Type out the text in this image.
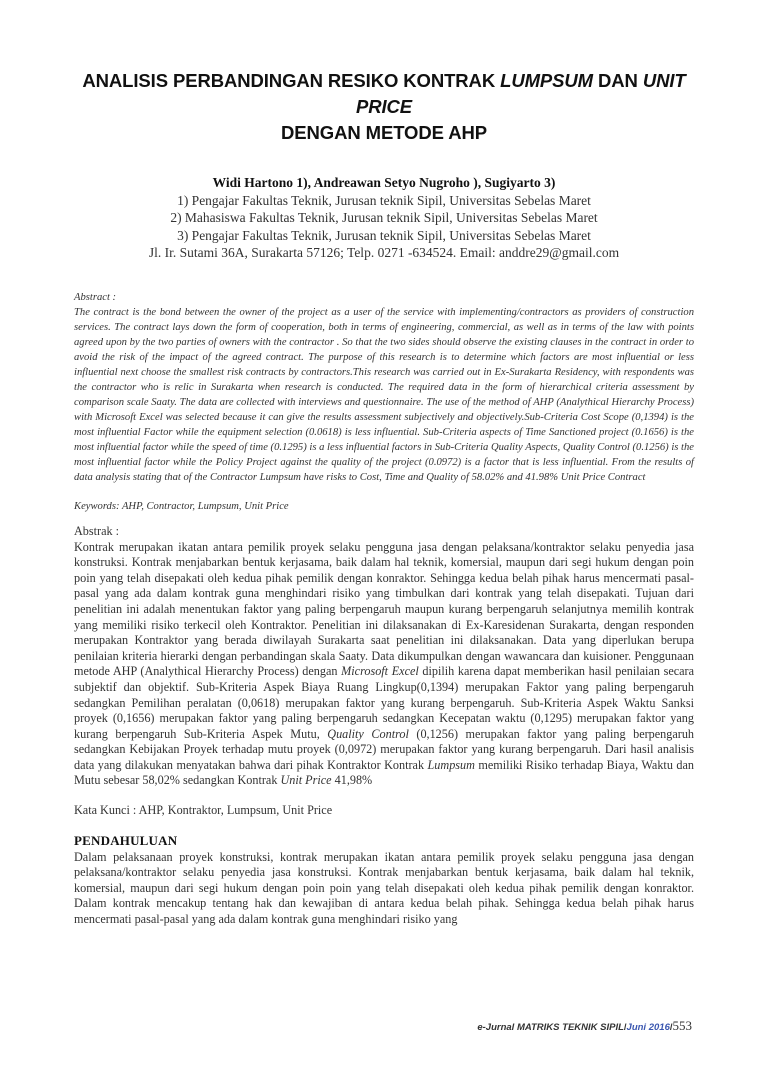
ANALISIS PERBANDINGAN RESIKO KONTRAK LUMPSUM DAN UNIT PRICE
DENGAN METODE AHP
Widi Hartono 1), Andreawan Setyo Nugroho ), Sugiyarto 3)
1) Pengajar Fakultas Teknik, Jurusan teknik Sipil, Universitas Sebelas Maret
2) Mahasiswa Fakultas Teknik, Jurusan teknik Sipil, Universitas Sebelas Maret
3) Pengajar Fakultas Teknik, Jurusan teknik Sipil, Universitas Sebelas Maret
Jl. Ir. Sutami 36A, Surakarta 57126; Telp. 0271 -634524. Email: anddre29@gmail.com
Abstract :
The contract is the bond between the owner of the project as a user of the service with implementing/contractors as providers of construction services. The contract lays down the form of cooperation, both in terms of engineering, commercial, as well as in terms of the law with points agreed upon by the two parties of owners with the contractor . So that the two sides should observe the existing clauses in the contract in order to avoid the risk of the impact of the agreed contract. The purpose of this research is to determine which factors are most influential or less influential next choose the smallest risk contracts by contractors.This research was carried out in Ex-Surakarta Residency, with respondents was the contractor who is relic in Surakarta when research is conducted. The required data in the form of hierarchical criteria assessment by comparison scale Saaty. The data are collected with interviews and questionnaire. The use of the method of AHP (Analythical Hierarchy Process) with Microsoft Excel was selected because it can give the results assessment subjectively and objectively.Sub-Criteria Cost Scope (0,1394) is the most influential Factor while the equipment selection (0.0618) is less influential. Sub-Criteria aspects of Time Sanctioned project (0.1656) is the most influential factor while the speed of time (0.1295) is a less influential factors in Sub-Criteria Quality Aspects, Quality Control (0.1256) is the most influential factor while the Policy Project against the quality of the project (0.0972) is a factor that is less influential. From the results of data analysis stating that of the Contractor Lumpsum have risks to Cost, Time and Quality of 58.02% and 41.98% Unit Price Contract
Keywords: AHP, Contractor, Lumpsum, Unit Price
Abstrak :

Kontrak merupakan ikatan antara pemilik proyek selaku pengguna jasa dengan pelaksana/kontraktor selaku penyedia jasa konstruksi. Kontrak menjabarkan bentuk kerjasama, baik dalam hal teknik, komersial, maupun dari segi hukum dengan poin poin yang telah disepakati oleh kedua pihak pemilik dengan konraktor. Sehingga kedua belah pihak harus mencermati pasal-pasal yang ada dalam kontrak guna menghindari risiko yang timbulkan dari kontrak yang telah disepakati. Tujuan dari penelitian ini adalah menentukan faktor yang paling berpengaruh maupun kurang berpengaruh selanjutnya memilih kontrak yang memiliki risiko terkecil oleh Kontraktor. Penelitian ini dilaksanakan di Ex-Karesidenan Surakarta, dengan responden merupakan Kontraktor yang berada diwilayah Surakarta saat penelitian ini dilaksanakan. Data yang diperlukan berupa penilaian kriteria hierarki dengan perbandingan skala Saaty. Data dikumpulkan dengan wawancara dan kuisioner. Penggunaan metode AHP (Analythical Hierarchy Process) dengan Microsoft Excel dipilih karena dapat memberikan hasil penilaian secara subjektif dan objektif. Sub-Kriteria Aspek Biaya Ruang Lingkup(0,1394) merupakan Faktor yang paling berpengaruh sedangkan Pemilihan peralatan (0,0618) merupakan faktor yang kurang berpengaruh. Sub-Kriteria Aspek Waktu Sanksi proyek (0,1656) merupakan faktor yang paling berpengaruh sedangkan Kecepatan waktu (0,1295) merupakan faktor yang kurang berpengaruh Sub-Kriteria Aspek Mutu, Quality Control (0,1256) merupakan faktor yang paling berpengaruh sedangkan Kebijakan Proyek terhadap mutu proyek (0,0972) merupakan faktor yang kurang berpengaruh. Dari hasil analisis data yang dilakukan menyatakan bahwa dari pihak Kontraktor Kontrak Lumpsum memiliki Risiko terhadap Biaya, Waktu dan Mutu sebesar 58,02% sedangkan Kontrak Unit Price 41,98%

Kata Kunci : AHP, Kontraktor, Lumpsum, Unit Price
PENDAHULUAN

Dalam pelaksanaan proyek konstruksi, kontrak merupakan ikatan antara pemilik proyek selaku pengguna jasa dengan pelaksana/kontraktor selaku penyedia jasa konstruksi. Kontrak menjabarkan bentuk kerjasama, baik dalam hal teknik, komersial, maupun dari segi hukum dengan poin poin yang telah disepakati oleh kedua pihak pemilik dengan konraktor. Dalam kontrak mencakup tentang hak dan kewajiban di antara kedua belah pihak. Sehingga kedua belah pihak harus mencermati pasal-pasal yang ada dalam kontrak guna menghindari risiko yang

e-Jurnal MATRIKS TEKNIK SIPIL/Juni 2016/553
